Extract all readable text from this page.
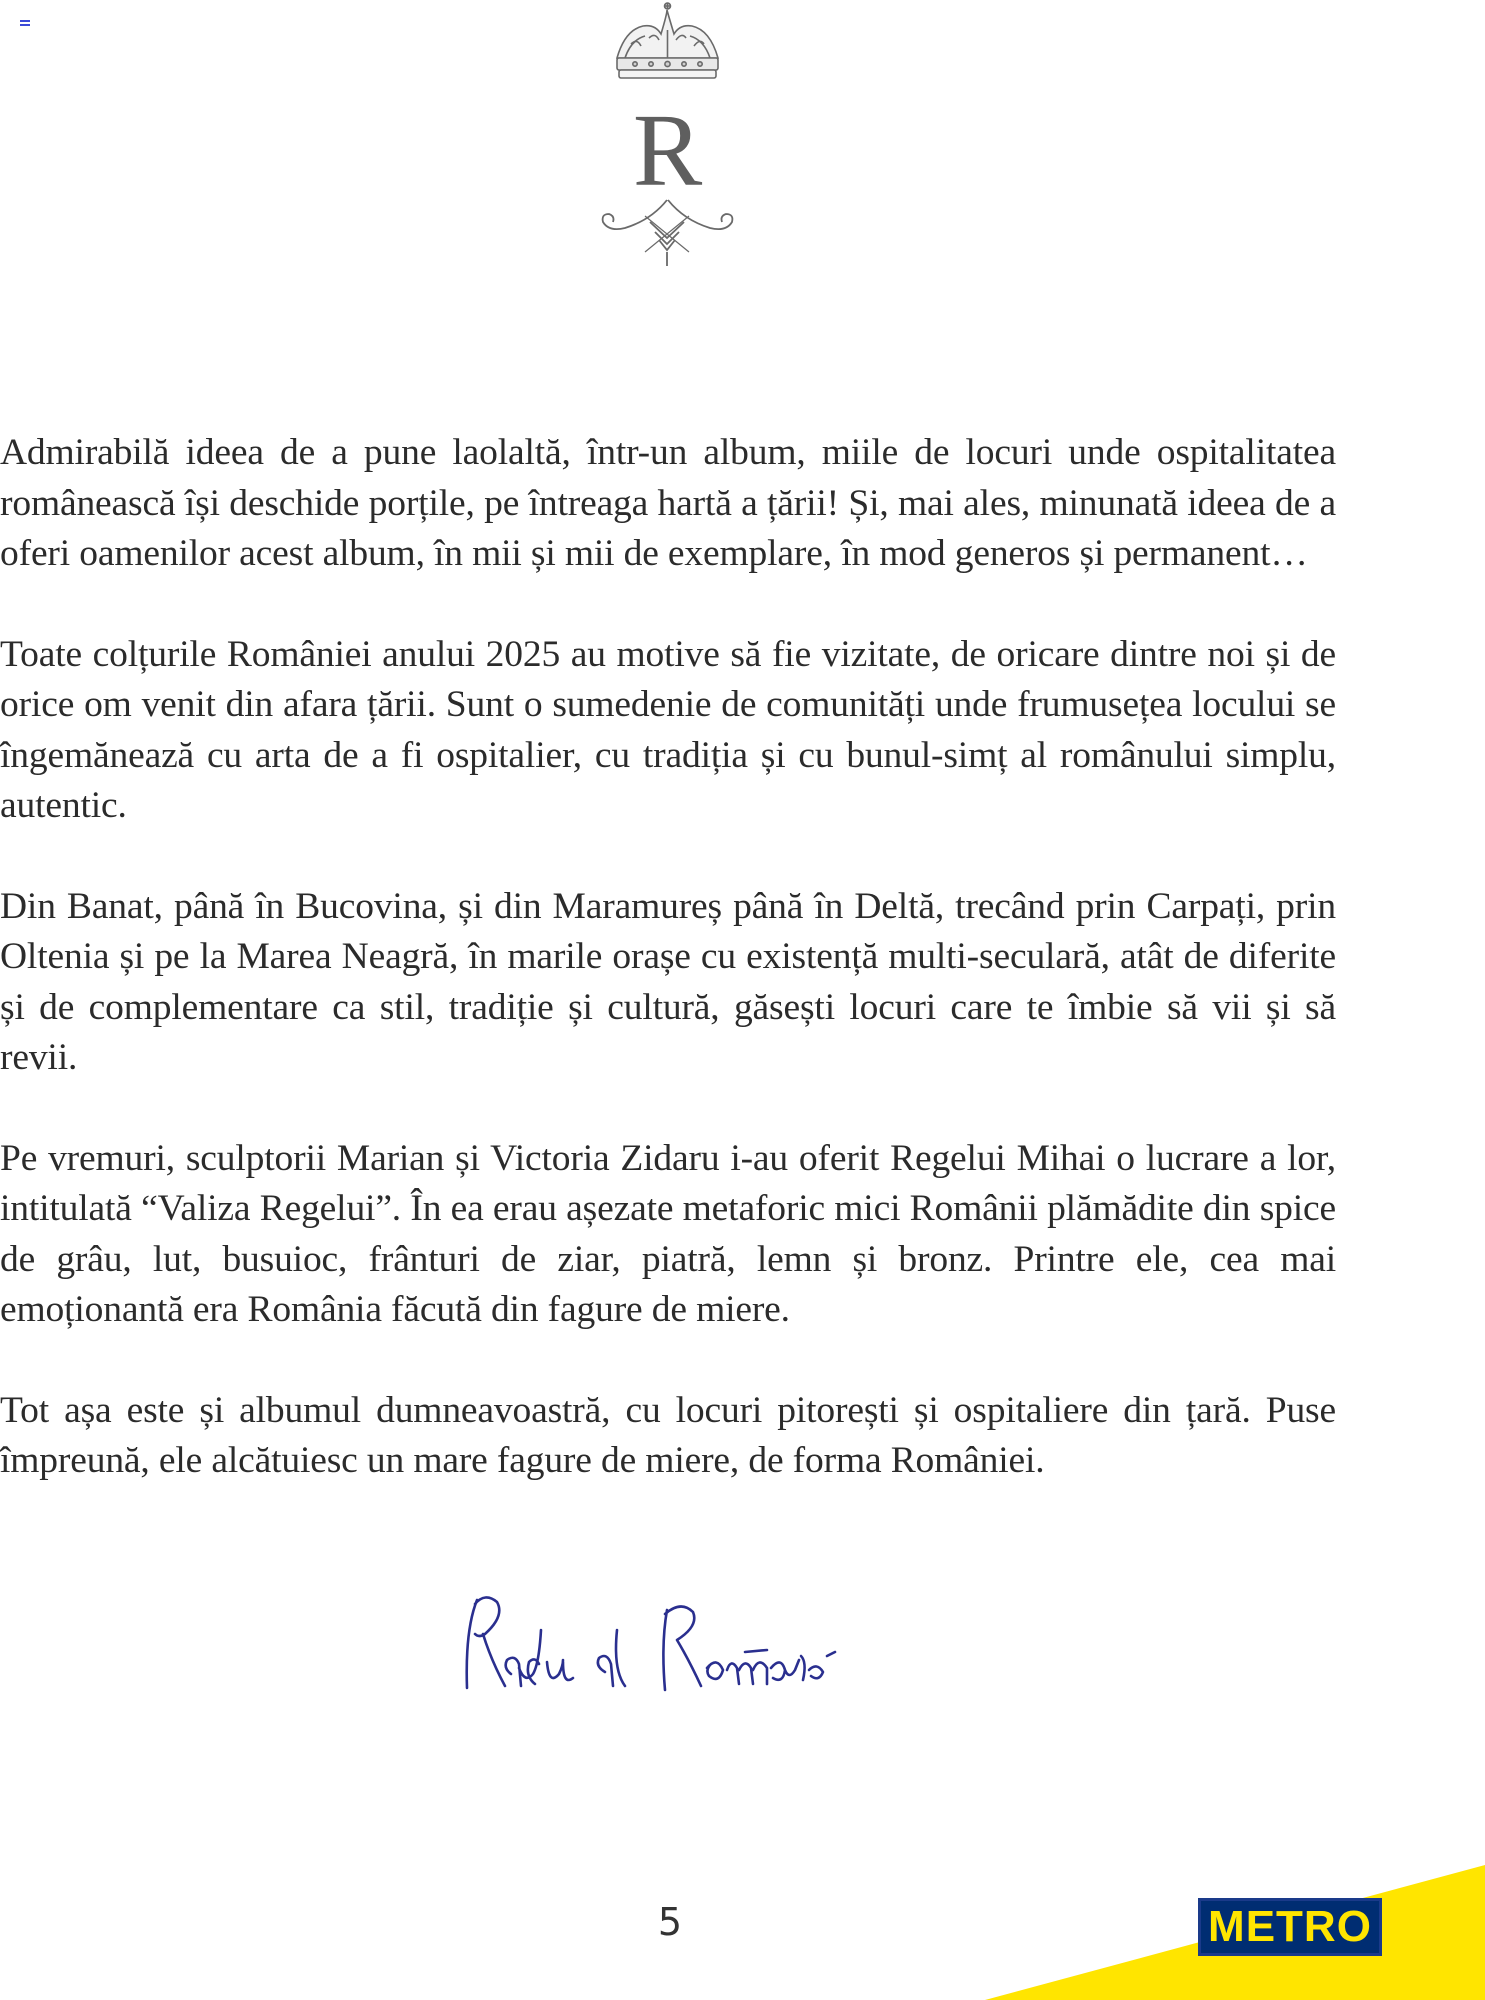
R

Admirabilă ideea de a pune laolaltă, într-un album, miile de locuri unde ospitalitatea românească își deschide porțile, pe întreaga hartă a țării! Și, mai ales, minunată ideea de a oferi oamenilor acest album, în mii și mii de exemplare, în mod generos și permanent…

Toate colțurile României anului 2025 au motive să fie vizitate, de oricare dintre noi și de orice om venit din afara țării. Sunt o sumedenie de comunități unde frumusețea locului se îngemănează cu arta de a fi ospitalier, cu tradiția și cu bunul-simț al românului simplu, autentic.

Din Banat, până în Bucovina, și din Maramureș până în Deltă, trecând prin Carpați, prin Oltenia și pe la Marea Neagră, în marile orașe cu existență multi-seculară, atât de diferite și de complementare ca stil, tradiție și cultură, găsești locuri care te îmbie să vii și să revii.

Pe vremuri, sculptorii Marian și Victoria Zidaru i-au oferit Regelui Mihai o lucrare a lor, intitulată “Valiza Regelui”. În ea erau așezate metaforic mici Românii plămădite din spice de grâu, lut, busuioc, frânturi de ziar, piatră, lemn și bronz. Printre ele, cea mai emoționantă era România făcută din fagure de miere.

Tot așa este și albumul dumneavoastră, cu locuri pitorești și ospitaliere din țară. Puse împreună, ele alcătuiesc un mare fagure de miere, de forma României.

5	METRO
